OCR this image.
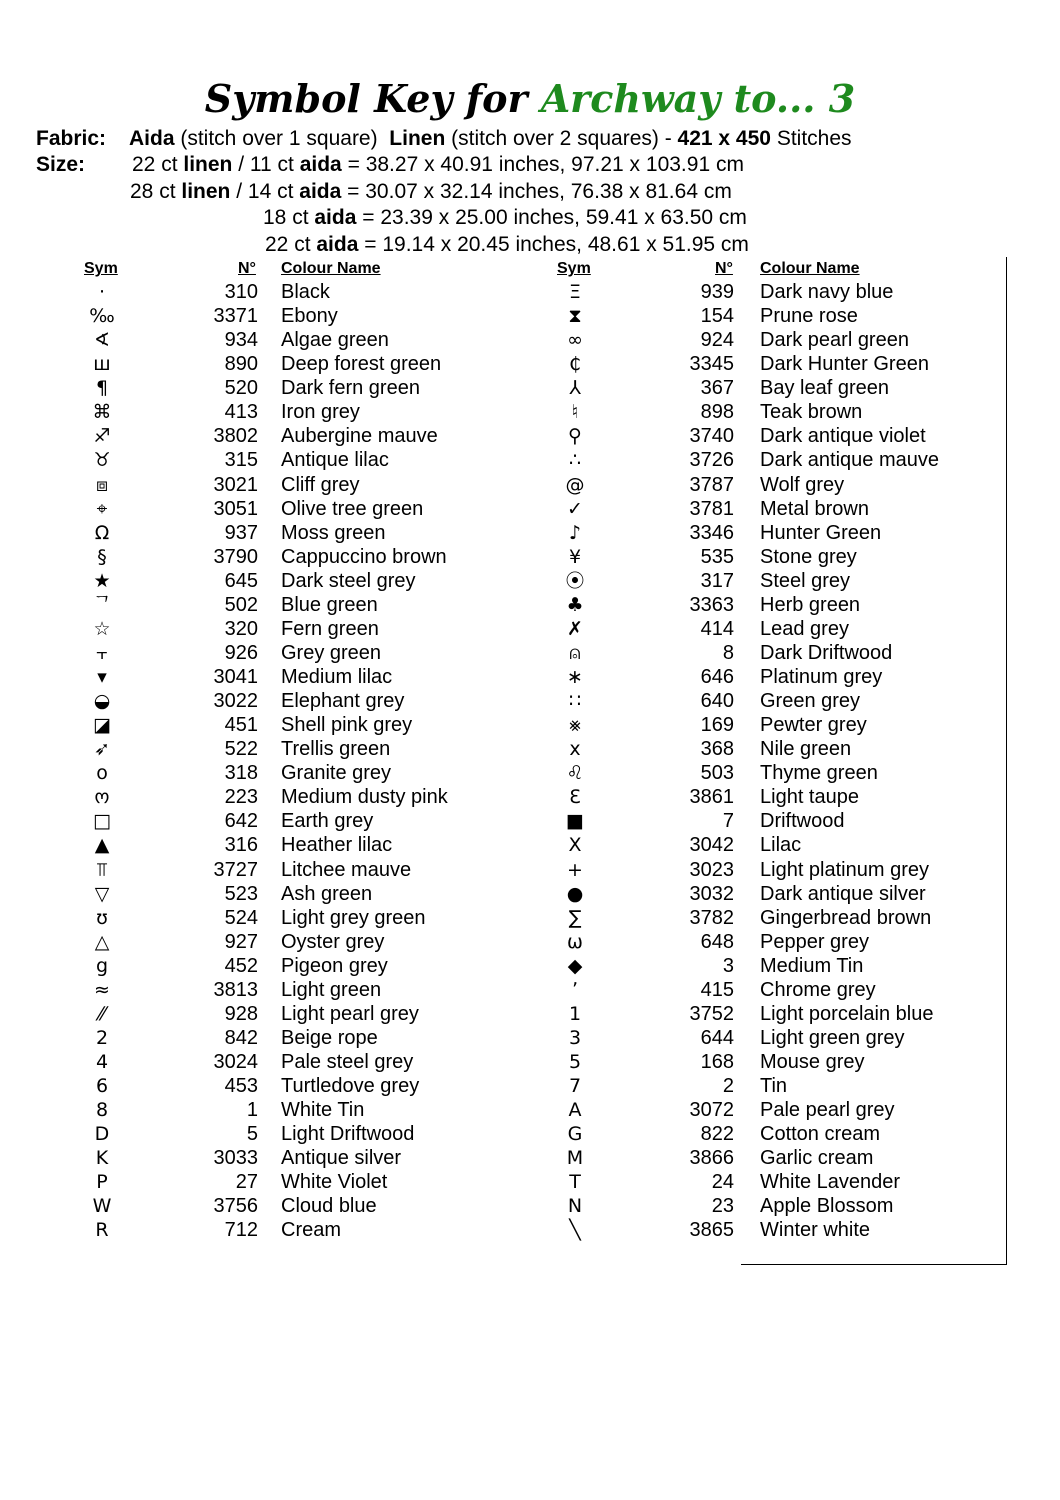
Symbol Key for Archway to... 3
Fabric: Aida (stitch over 1 square) Linen (stitch over 2 squares) - 421 x 450 Stitches
Size: 22 ct linen / 11 ct aida = 38.27 x 40.91 inches, 97.21 x 103.91 cm
28 ct linen / 14 ct aida = 30.07 x 32.14 inches, 76.38 x 81.64 cm
18 ct aida = 23.39 x 25.00 inches, 59.41 x 63.50 cm
22 ct aida = 19.14 x 20.45 inches, 48.61 x 51.95 cm
Sym	N° Colour Name	Sym	N° Colour Name
·	310 Black
‰	3371 Ebony
∢	934 Algae green
ш	890 Deep forest green
¶	520 Dark fern green
⌘	413 Iron grey
♐	3802 Aubergine mauve
♉	315 Antique lilac
⧈	3021 Cliff grey
⌖	3051 Olive tree green
Ω	937 Moss green
§	3790 Cappuccino brown
★	645 Dark steel grey
ᄀ	502 Blue green
☆	320 Fern green
⫟	926 Grey green
▾	3041 Medium lilac
◒	3022 Elephant grey
◪	451 Shell pink grey
➶	522 Trellis green
o	318 Granite grey
ო	223 Medium dusty pink
□	642 Earth grey
▲	316 Heather lilac
⫪	3727 Litchee mauve
▽	523 Ash green
ʊ	524 Light grey green
△	927 Oyster grey
g	452 Pigeon grey
≈	3813 Light green
⁄⁄	928 Light pearl grey
2	842 Beige rope
4	3024 Pale steel grey
6	453 Turtledove grey
8	1 White Tin
D	5 Light Driftwood
K	3033 Antique silver
P	27 White Violet
W	3756 Cloud blue
R	712 Cream
Ξ	939 Dark navy blue
⧗	154 Prune rose
∞	924 Dark pearl green
₵	3345 Dark Hunter Green
⅄	367 Bay leaf green
♮	898 Teak brown
⚲	3740 Dark antique violet
∴	3726 Dark antique mauve
@	3787 Wolf grey
✓	3781 Metal brown
♪	3346 Hunter Green
¥	535 Stone grey
⦿	317 Steel grey
♣	3363 Herb green
✗	414 Lead grey
⍝	8 Dark Driftwood
∗	646 Platinum grey
∷	640 Green grey
⨳	169 Pewter grey
x	368 Nile green
♌	503 Thyme green
Ɛ	3861 Light taupe
■	7 Driftwood
Ⅹ	3042 Lilac
+	3023 Light platinum grey
●	3032 Dark antique silver
∑	3782 Gingerbread brown
ω	648 Pepper grey
◆	3 Medium Tin
٬	415 Chrome grey
1	3752 Light porcelain blue
3	644 Light green grey
5	168 Mouse grey
7	2 Tin
A	3072 Pale pearl grey
G	822 Cotton cream
M	3866 Garlic cream
T	24 White Lavender
N	23 Apple Blossom
╲	3865 Winter white
